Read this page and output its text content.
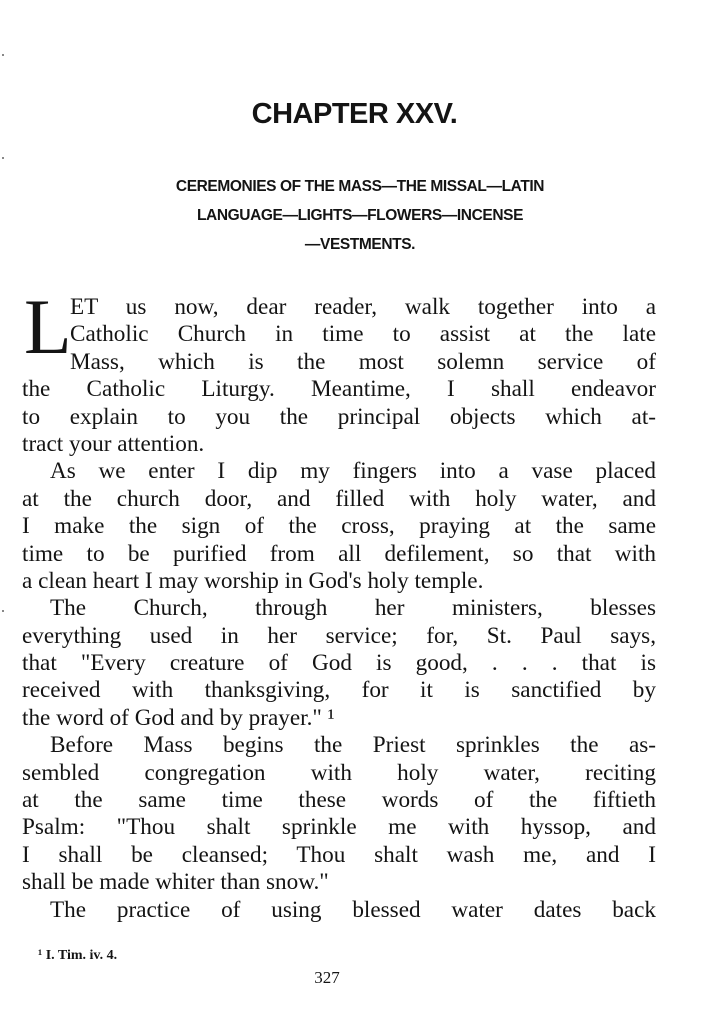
CHAPTER XXV.
CEREMONIES OF THE MASS—THE MISSAL—LATIN
LANGUAGE—LIGHTS—FLOWERS—INCENSE
—VESTMENTS.
L
ET us now, dear reader, walk together into a
Catholic Church in time to assist at the late
Mass, which is the most solemn service of
the Catholic Liturgy. Meantime, I shall endeavor
to explain to you the principal objects which at-
tract your attention.
As we enter I dip my fingers into a vase placed
at the church door, and filled with holy water, and
I make the sign of the cross, praying at the same
time to be purified from all defilement, so that with
a clean heart I may worship in God's holy temple.
The Church, through her ministers, blesses
everything used in her service; for, St. Paul says,
that "Every creature of God is good, . . . that is
received with thanksgiving, for it is sanctified by
the word of God and by prayer." ¹
Before Mass begins the Priest sprinkles the as-
sembled congregation with holy water, reciting
at the same time these words of the fiftieth
Psalm: "Thou shalt sprinkle me with hyssop, and
I shall be cleansed; Thou shalt wash me, and I
shall be made whiter than snow."
The practice of using blessed water dates back
¹ I. Tim. iv. 4.
327
